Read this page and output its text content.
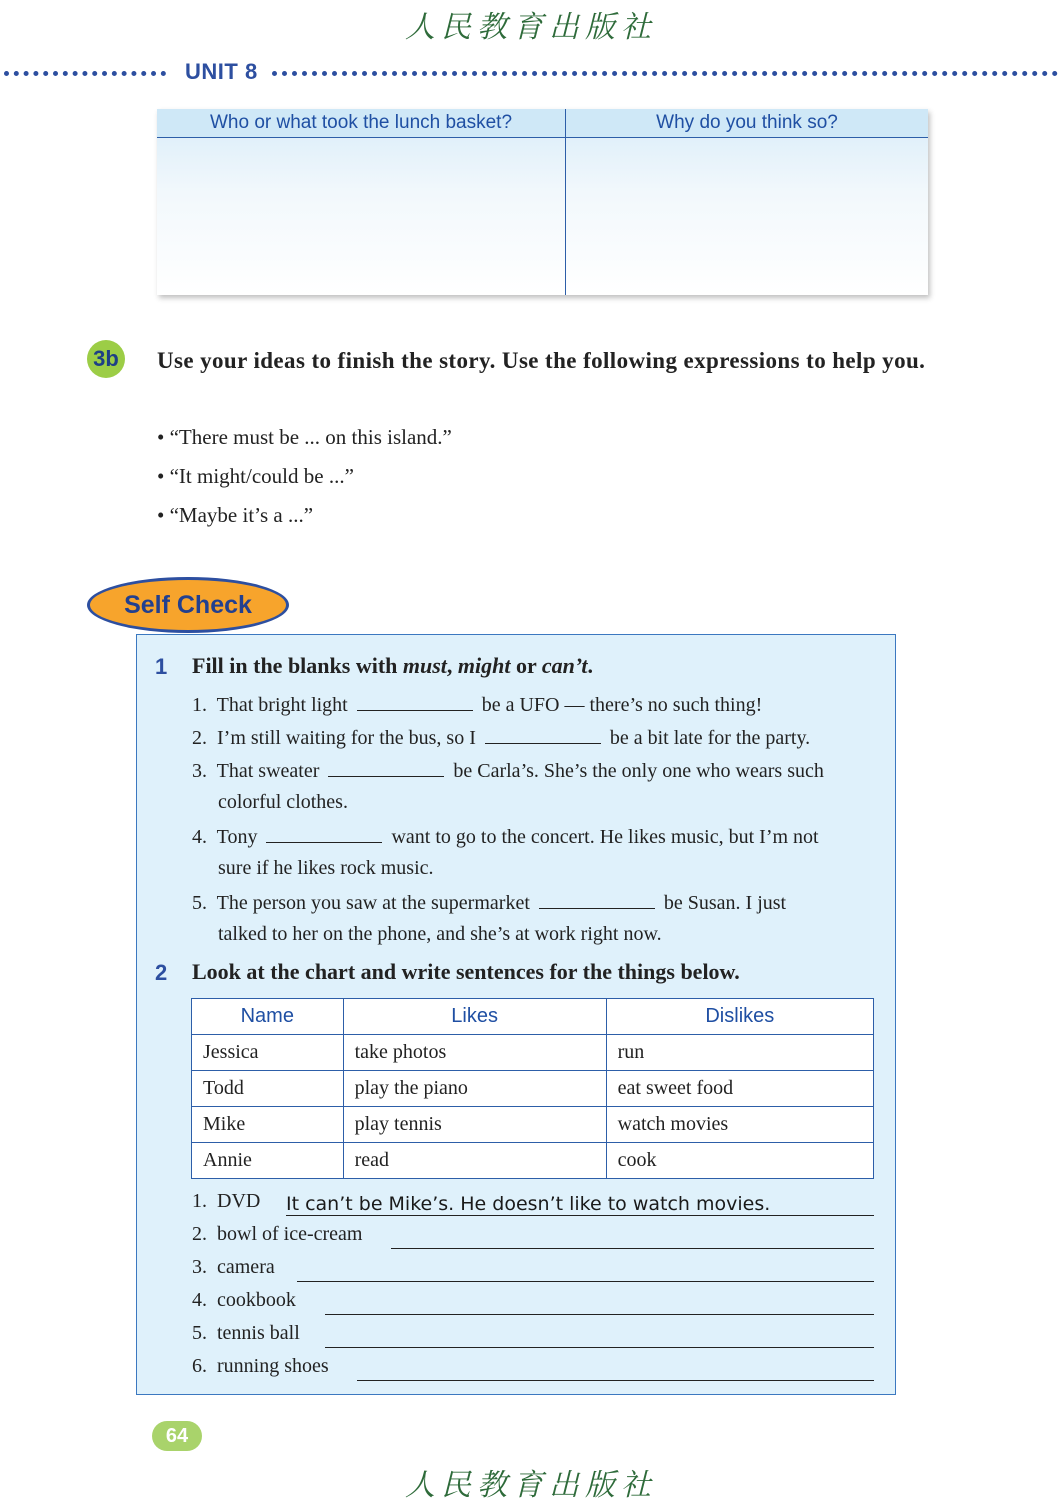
人民教育出版社
UNIT 8
Who or what took the lunch basket?	Why do you think so?
3b Use your ideas to finish the story. Use the following expressions to help you.
• “There must be ... on this island.”
• “It might/could be ...”
• “Maybe it’s a ...”
Self Check
1 Fill in the blanks with must, might or can’t.
1. That bright light	be a UFO — there’s no such thing!
2. I’m still waiting for the bus, so I	be a bit late for the party.
3. That sweater	be Carla’s. She’s the only one who wears such
colorful clothes.
4. Tony	want to go to the concert. He likes music, but I’m not
sure if he likes rock music.
5. The person you saw at the supermarket	be Susan. I just
talked to her on the phone, and she’s at work right now.
2 Look at the chart and write sentences for the things below.
Name	Likes	Dislikes
Jessica	take photos	run
Todd	play the piano	eat sweet food
Mike	play tennis	watch movies
Annie	read	cook
1. DVD It can’t be Mike’s. He doesn’t like to watch movies.
2. bowl of ice-cream
3. camera
4. cookbook
5. tennis ball
6. running shoes
64
人民教育出版社
